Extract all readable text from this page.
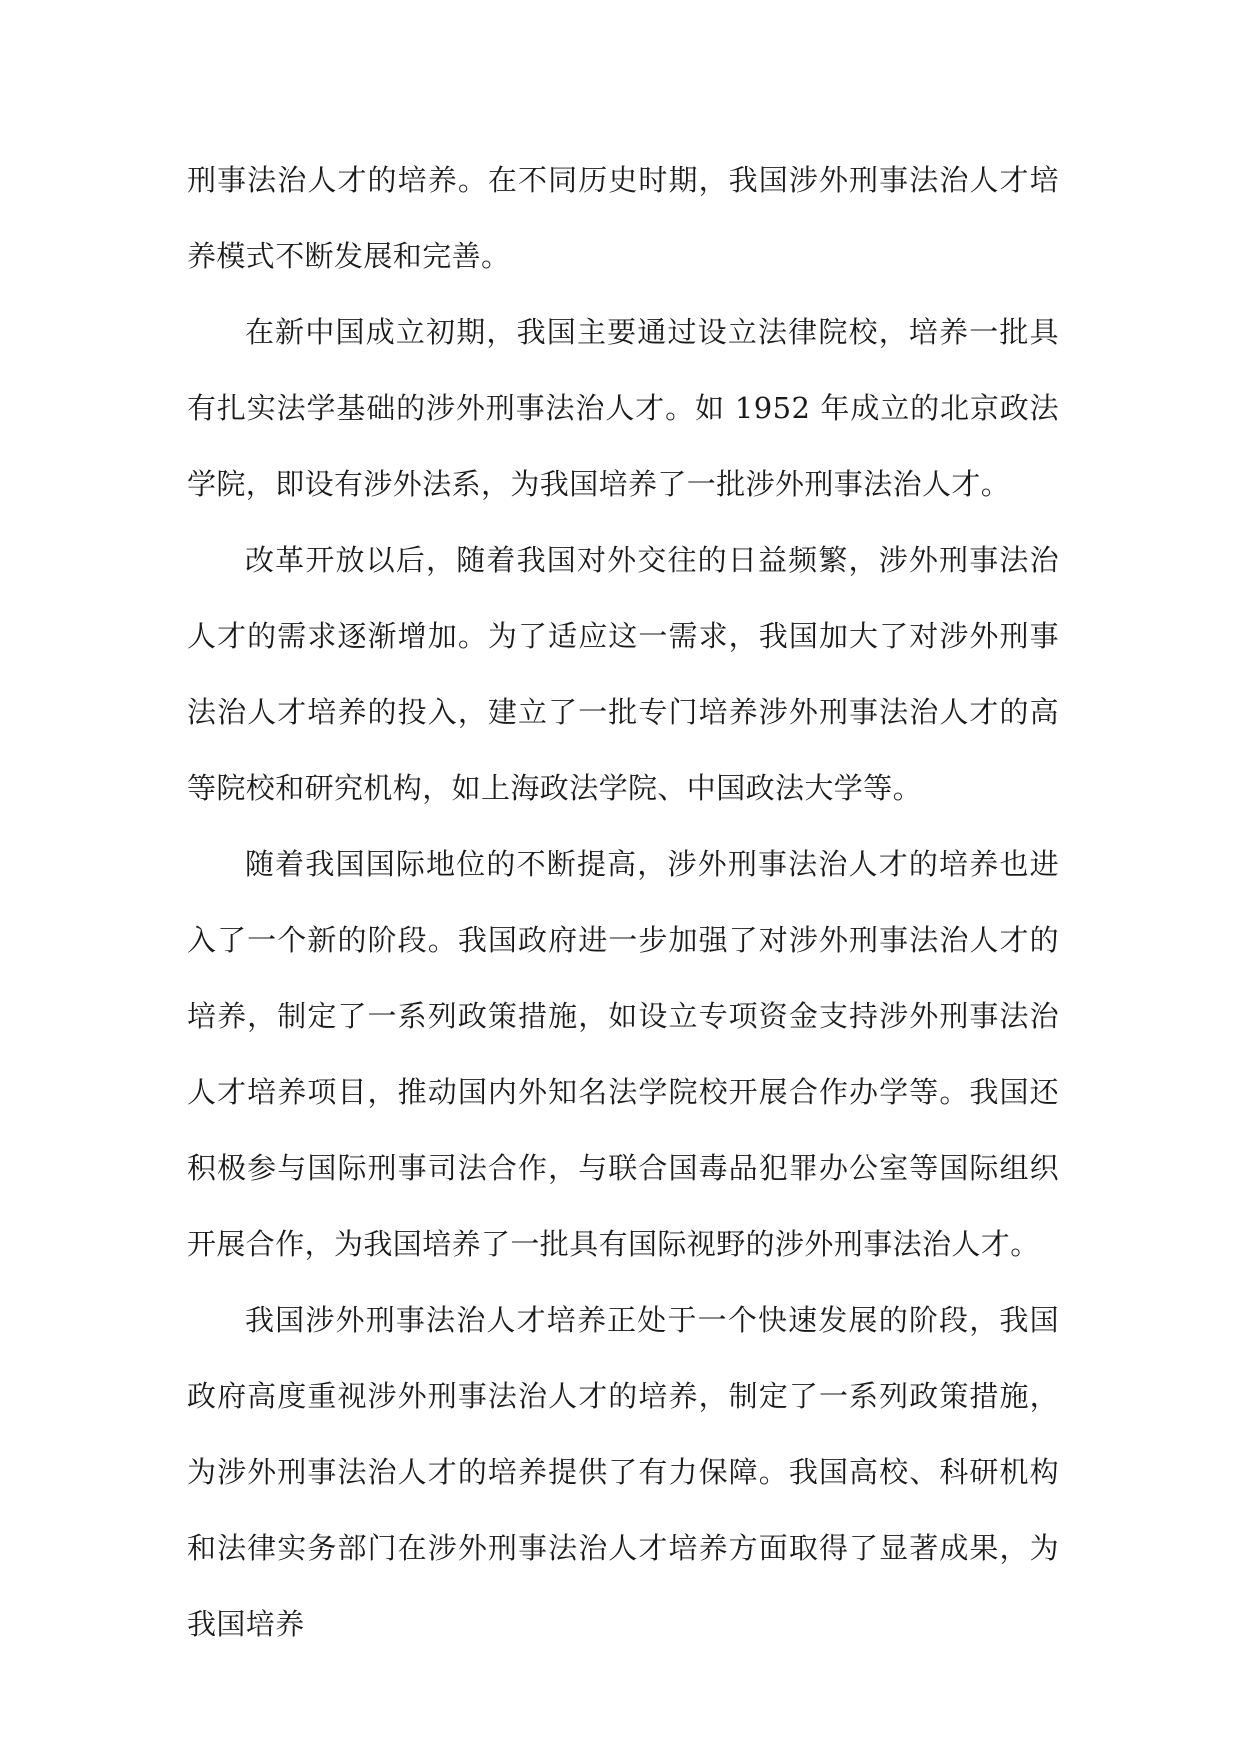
刑事法治人才的培养。在不同历史时期，我国涉外刑事法治人才培养模式不断发展和完善。

在新中国成立初期，我国主要通过设立法律院校，培养一批具有扎实法学基础的涉外刑事法治人才。如 1952 年成立的北京政法学院，即设有涉外法系，为我国培养了一批涉外刑事法治人才。

改革开放以后，随着我国对外交往的日益频繁，涉外刑事法治人才的需求逐渐增加。为了适应这一需求，我国加大了对涉外刑事法治人才培养的投入，建立了一批专门培养涉外刑事法治人才的高等院校和研究机构，如上海政法学院、中国政法大学等。

随着我国国际地位的不断提高，涉外刑事法治人才的培养也进入了一个新的阶段。我国政府进一步加强了对涉外刑事法治人才的培养，制定了一系列政策措施，如设立专项资金支持涉外刑事法治人才培养项目，推动国内外知名法学院校开展合作办学等。我国还积极参与国际刑事司法合作，与联合国毒品犯罪办公室等国际组织开展合作，为我国培养了一批具有国际视野的涉外刑事法治人才。

我国涉外刑事法治人才培养正处于一个快速发展的阶段，我国政府高度重视涉外刑事法治人才的培养，制定了一系列政策措施，为涉外刑事法治人才的培养提供了有力保障。我国高校、科研机构和法律实务部门在涉外刑事法治人才培养方面取得了显著成果，为我国培养
